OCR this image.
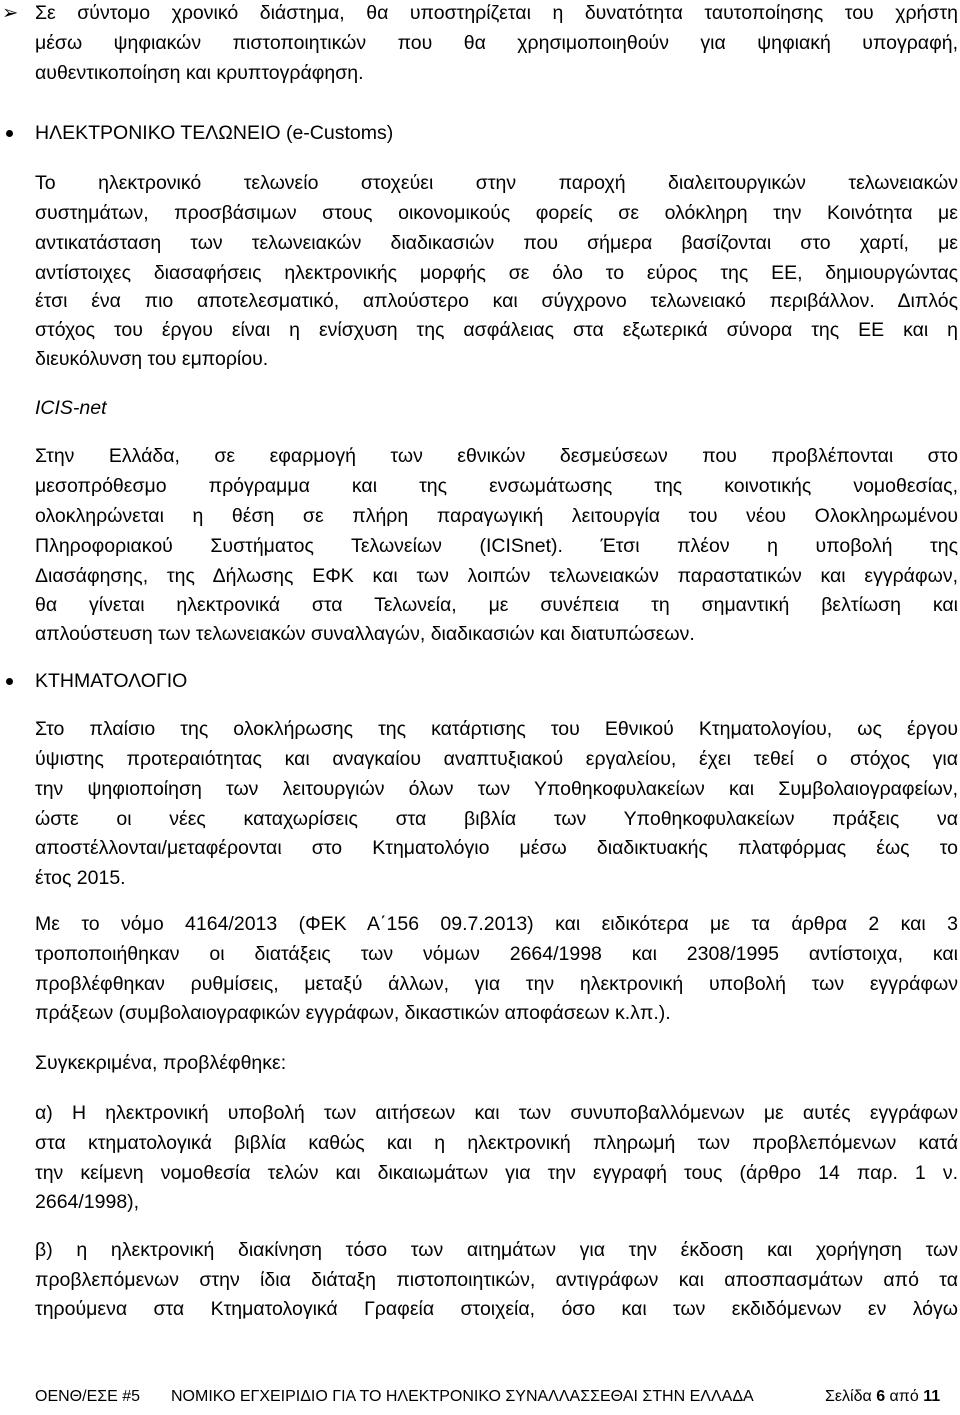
➢ Σε σύντομο χρονικό διάστημα, θα υποστηρίζεται η δυνατότητα ταυτοποίησης του χρήστη
μέσω ψηφιακών πιστοποιητικών που θα χρησιμοποιηθούν για ψηφιακή υπογραφή,
αυθεντικοποίηση και κρυπτογράφηση.
ΗΛΕΚΤΡΟΝΙΚΟ ΤΕΛΩΝΕΙΟ (e-Customs)
Το ηλεκτρονικό τελωνείο στοχεύει στην παροχή διαλειτουργικών τελωνειακών
συστημάτων, προσβάσιμων στους οικονομικούς φορείς σε ολόκληρη την Κοινότητα με
αντικατάσταση των τελωνειακών διαδικασιών που σήμερα βασίζονται στο χαρτί, με
αντίστοιχες διασαφήσεις ηλεκτρονικής μορφής σε όλο το εύρος της ΕΕ, δημιουργώντας
έτσι ένα πιο αποτελεσματικό, απλούστερο και σύγχρονο τελωνειακό περιβάλλον. Διπλός
στόχος του έργου είναι η ενίσχυση της ασφάλειας στα εξωτερικά σύνορα της ΕΕ και η
διευκόλυνση του εμπορίου.
ICIS-net
Στην Ελλάδα, σε εφαρμογή των εθνικών δεσμεύσεων που προβλέπονται στο
μεσοπρόθεσμο πρόγραμμα και της ενσωμάτωσης της κοινοτικής νομοθεσίας,
ολοκληρώνεται η θέση σε πλήρη παραγωγική λειτουργία του νέου Ολοκληρωμένου
Πληροφοριακού Συστήματος Τελωνείων (ICISnet). Έτσι πλέον η υποβολή της
Διασάφησης, της Δήλωσης ΕΦΚ και των λοιπών τελωνειακών παραστατικών και εγγράφων,
θα γίνεται ηλεκτρονικά στα Τελωνεία, με συνέπεια τη σημαντική βελτίωση και
απλούστευση των τελωνειακών συναλλαγών, διαδικασιών και διατυπώσεων.
ΚΤΗΜΑΤΟΛΟΓΙΟ
Στο πλαίσιο της ολοκλήρωσης της κατάρτισης του Εθνικού Κτηματολογίου, ως έργου
ύψιστης προτεραιότητας και αναγκαίου αναπτυξιακού εργαλείου, έχει τεθεί ο στόχος για
την ψηφιοποίηση των λειτουργιών όλων των Υποθηκοφυλακείων και Συμβολαιογραφείων,
ώστε οι νέες καταχωρίσεις στα βιβλία των Υποθηκοφυλακείων πράξεις να
αποστέλλονται/μεταφέρονται στο Κτηματολόγιο μέσω διαδικτυακής πλατφόρμας έως το
έτος 2015.
Με το νόμο 4164/2013 (ΦΕΚ Α΄156 09.7.2013) και ειδικότερα με τα άρθρα 2 και 3
τροποποιήθηκαν οι διατάξεις των νόμων 2664/1998 και 2308/1995 αντίστοιχα, και
προβλέφθηκαν ρυθμίσεις, μεταξύ άλλων, για την ηλεκτρονική υποβολή των εγγράφων
πράξεων (συμβολαιογραφικών εγγράφων, δικαστικών αποφάσεων κ.λπ.).
Συγκεκριμένα, προβλέφθηκε:
α) Η ηλεκτρονική υποβολή των αιτήσεων και των συνυποβαλλόμενων με αυτές εγγράφων
στα κτηματολογικά βιβλία καθώς και η ηλεκτρονική πληρωμή των προβλεπόμενων κατά
την κείμενη νομοθεσία τελών και δικαιωμάτων για την εγγραφή τους (άρθρο 14 παρ. 1 ν.
2664/1998),
β) η ηλεκτρονική διακίνηση τόσο των αιτημάτων για την έκδοση και χορήγηση των
προβλεπόμενων στην ίδια διάταξη πιστοποιητικών, αντιγράφων και αποσπασμάτων από τα
τηρούμενα στα Κτηματολογικά Γραφεία στοιχεία, όσο και των εκδιδόμενων εν λόγω
ΟΕΝΘ/ΕΣΕ #5 ΝΟΜΙΚΟ ΕΓΧΕΙΡΙΔΙΟ ΓΙΑ ΤΟ ΗΛΕΚΤΡΟΝΙΚΟ ΣΥΝΑΛΛΑΣΣΕΘΑΙ ΣΤΗΝ ΕΛΛΑΔΑ	Σελίδα 6 από 11
